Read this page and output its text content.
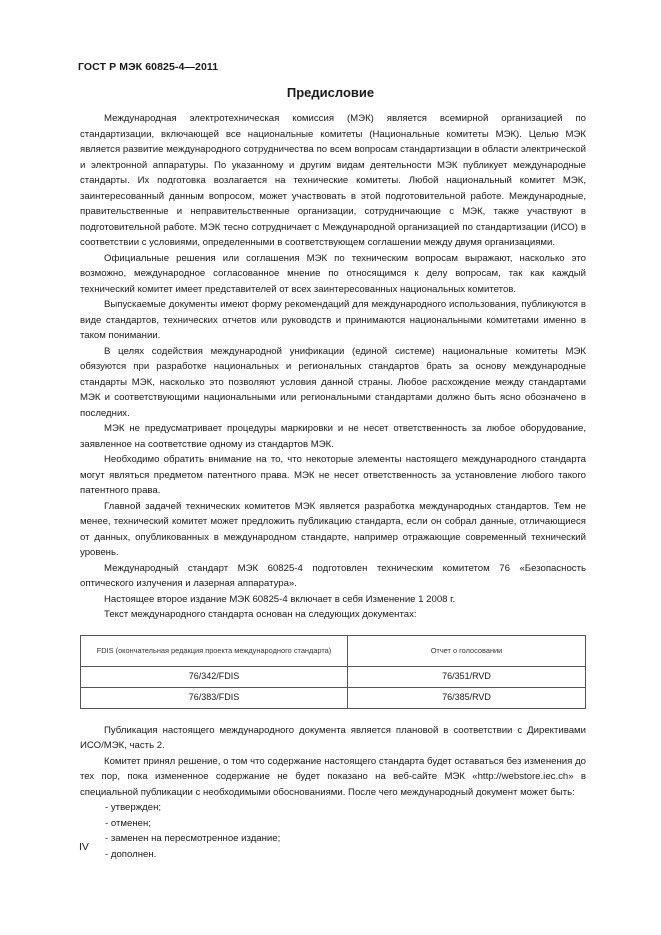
ГОСТ Р МЭК 60825-4—2011
Предисловие

Международная электротехническая комиссия (МЭК) является всемирной организацией по стандартизации, включающей все национальные комитеты (Национальные комитеты МЭК). Целью МЭК является развитие международного сотрудничества по всем вопросам стандартизации в области электрической и электронной аппаратуры. По указанному и другим видам деятельности МЭК публикует международные стандарты. Их подготовка возлагается на технические комитеты. Любой национальный комитет МЭК, заинтересованный данным вопросом, может участвовать в этой подготовительной работе. Международные, правительственные и неправительственные организации, сотрудничающие с МЭК, также участвуют в подготовительной работе. МЭК тесно сотрудничает с Международной организацией по стандартизации (ИСО) в соответствии с условиями, определенными в соответствующем соглашении между двумя организациями.

Официальные решения или соглашения МЭК по техническим вопросам выражают, насколько это возможно, международное согласованное мнение по относящимся к делу вопросам, так как каждый технический комитет имеет представителей от всех заинтересованных национальных комитетов.

Выпускаемые документы имеют форму рекомендаций для международного использования, публикуются в виде стандартов, технических отчетов или руководств и принимаются национальными комитетами именно в таком понимании.

В целях содействия международной унификации (единой системе) национальные комитеты МЭК обязуются при разработке национальных и региональных стандартов брать за основу международные стандарты МЭК, насколько это позволяют условия данной страны. Любое расхождение между стандартами МЭК и соответствующими национальными или региональными стандартами должно быть ясно обозначено в последних.

МЭК не предусматривает процедуры маркировки и не несет ответственность за любое оборудование, заявленное на соответствие одному из стандартов МЭК.

Необходимо обратить внимание на то, что некоторые элементы настоящего международного стандарта могут являться предметом патентного права. МЭК не несет ответственность за установление любого такого патентного права.

Главной задачей технических комитетов МЭК является разработка международных стандартов. Тем не менее, технический комитет может предложить публикацию стандарта, если он собрал данные, отличающиеся от данных, опубликованных в международном стандарте, например отражающие современный технический уровень.

Международный стандарт МЭК 60825-4 подготовлен техническим комитетом 76 «Безопасность оптического излучения и лазерная аппаратура».

Настоящее второе издание МЭК 60825-4 включает в себя Изменение 1 2008 г.

Текст международного стандарта основан на следующих документах:

FDIS (окончательная редакция проекта международного стандарта)	Отчет о голосовании
76/342/FDIS	76/351/RVD
76/383/FDIS	76/385/RVD

Публикация настоящего международного документа является плановой в соответствии с Директивами ИСО/МЭК, часть 2.

Комитет принял решение, о том что содержание настоящего стандарта будет оставаться без изменения до тех пор, пока измененное содержание не будет показано на веб-сайте МЭК «http://webstore.iec.ch» в специальной публикации с необходимыми обоснованиями. После чего международный документ может быть:

- утвержден;
- отменен;
- заменен на пересмотренное издание;
- дополнен.
IV
